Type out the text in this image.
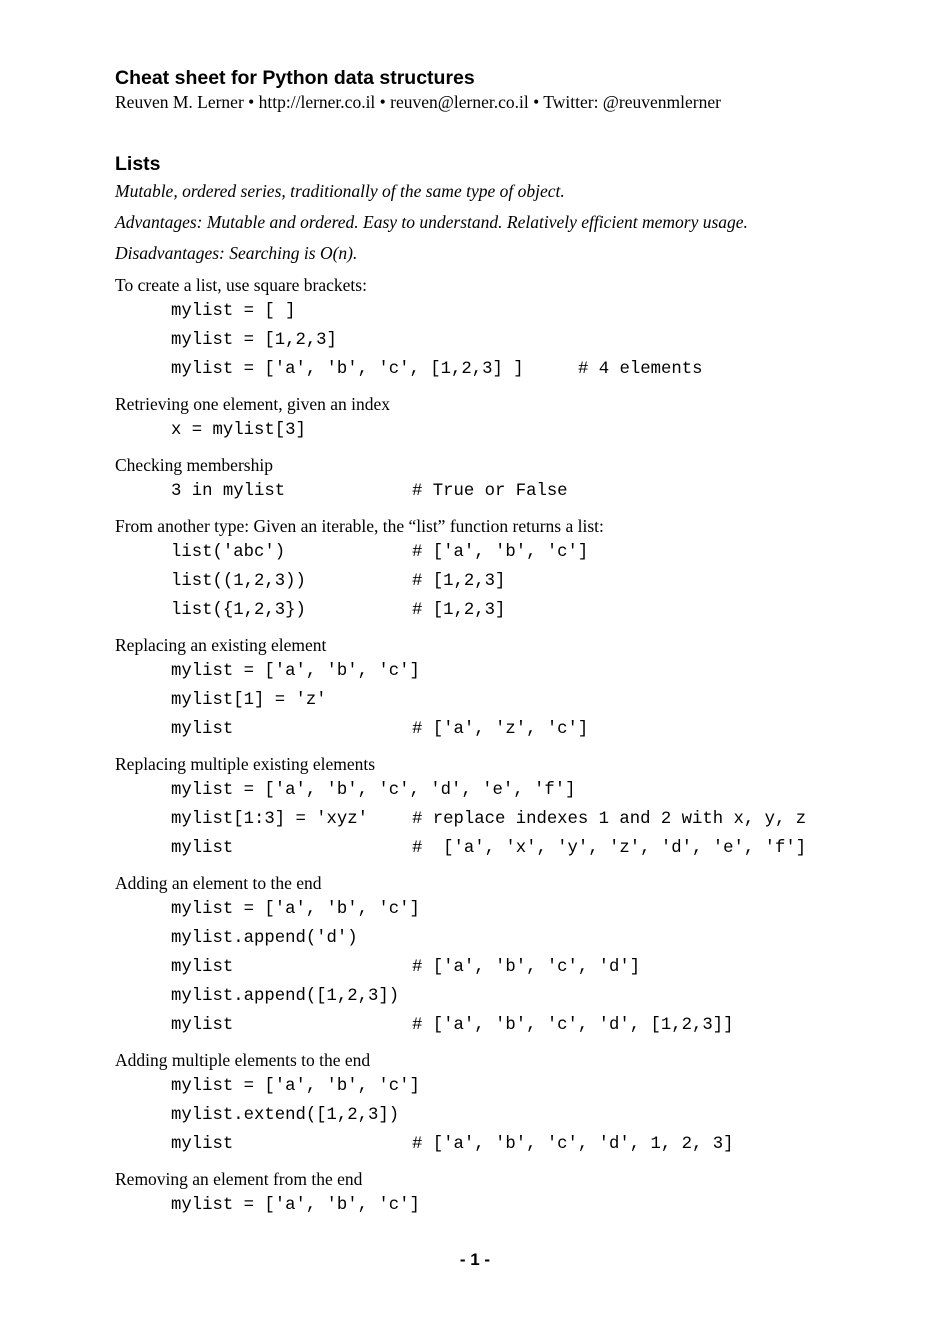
Cheat sheet for Python data structures
Reuven M. Lerner • http://lerner.co.il • reuven@lerner.co.il • Twitter: @reuvenmlerner
Lists
Mutable, ordered series, traditionally of the same type of object.
Advantages: Mutable and ordered. Easy to understand. Relatively efficient memory usage.
Disadvantages: Searching is O(n).
To create a list, use square brackets:
mylist = [ ]
mylist = [1,2,3]
mylist = ['a', 'b', 'c', [1,2,3] ]	# 4 elements
Retrieving one element, given an index
x = mylist[3]
Checking membership
3 in mylist	# True or False
From another type: Given an iterable, the “list” function returns a list:
list('abc')	# ['a', 'b', 'c']
list((1,2,3))	# [1,2,3]
list({1,2,3})	# [1,2,3]
Replacing an existing element
mylist = ['a', 'b', 'c']
mylist[1] = 'z'
mylist	# ['a', 'z', 'c']
Replacing multiple existing elements
mylist = ['a', 'b', 'c', 'd', 'e', 'f']
mylist[1:3] = 'xyz'	# replace indexes 1 and 2 with x, y, z
mylist	#  ['a', 'x', 'y', 'z', 'd', 'e', 'f']
Adding an element to the end
mylist = ['a', 'b', 'c']
mylist.append('d')
mylist	# ['a', 'b', 'c', 'd']
mylist.append([1,2,3])
mylist	# ['a', 'b', 'c', 'd', [1,2,3]]
Adding multiple elements to the end
mylist = ['a', 'b', 'c']
mylist.extend([1,2,3])
mylist	# ['a', 'b', 'c', 'd', 1, 2, 3]
Removing an element from the end
mylist = ['a', 'b', 'c']
- 1 -
